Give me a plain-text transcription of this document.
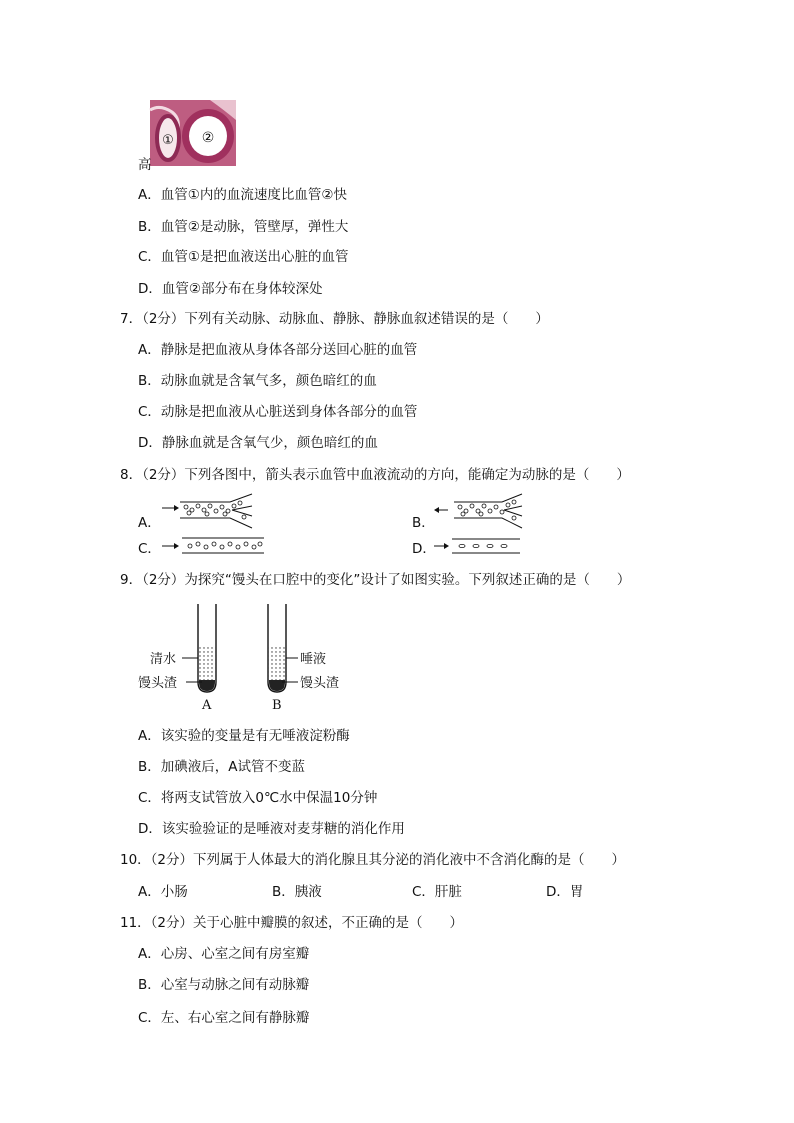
① ②
高
A．血管①内的血流速度比血管②快
B．血管②是动脉，管壁厚，弹性大
C．血管①是把血液送出心脏的血管
D．血管②部分布在身体较深处
7．（2分）下列有关动脉、动脉血、静脉、静脉血叙述错误的是（　　）
A．静脉是把血液从身体各部分送回心脏的血管
B．动脉血就是含氧气多，颜色暗红的血
C．动脉是把血液从心脏送到身体各部分的血管
D．静脉血就是含氧气少，颜色暗红的血
8．（2分）下列各图中，箭头表示血管中血液流动的方向，能确定为动脉的是（　　）
A．	B．
C．	D．
9．（2分）为探究“馒头在口腔中的变化”设计了如图实验。下列叙述正确的是（　　）
清水
馒头渣
唾液
馒头渣
A	B
A．该实验的变量是有无唾液淀粉酶
B．加碘液后，A试管不变蓝
C．将两支试管放入0℃水中保温10分钟
D．该实验验证的是唾液对麦芽糖的消化作用
10．（2分）下列属于人体最大的消化腺且其分泌的消化液中不含消化酶的是（　　）
A．小肠	B．胰液	C．肝脏	D．胃
11．（2分）关于心脏中瓣膜的叙述，不正确的是（　　）
A．心房、心室之间有房室瓣
B．心室与动脉之间有动脉瓣
C．左、右心室之间有静脉瓣
